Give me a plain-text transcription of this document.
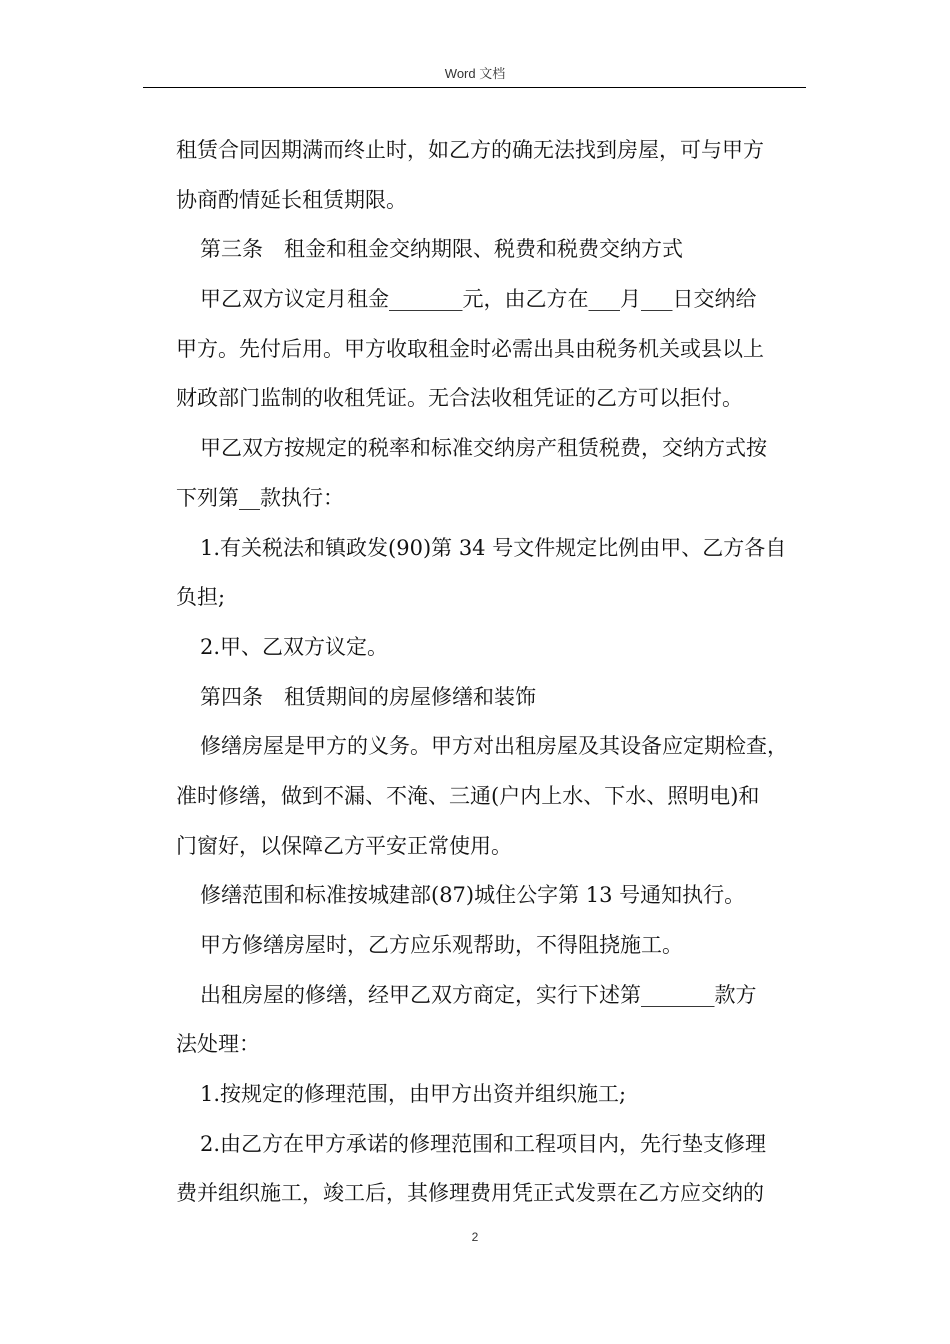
Word 文档
租赁合同因期满而终止时，如乙方的确无法找到房屋，可与甲方
协商酌情延长租赁期限。
第三条　租金和租金交纳期限、税费和税费交纳方式
甲乙双方议定月租金_______元，由乙方在___月___日交纳给
甲方。先付后用。甲方收取租金时必需出具由税务机关或县以上
财政部门监制的收租凭证。无合法收租凭证的乙方可以拒付。
甲乙双方按规定的税率和标准交纳房产租赁税费，交纳方式按
下列第__款执行：
1.有关税法和镇政发(90)第 34 号文件规定比例由甲、乙方各自
负担;
2.甲、乙双方议定。
第四条　租赁期间的房屋修缮和装饰
修缮房屋是甲方的义务。甲方对出租房屋及其设备应定期检查，
准时修缮，做到不漏、不淹、三通(户内上水、下水、照明电)和
门窗好，以保障乙方平安正常使用。
修缮范围和标准按城建部(87)城住公字第 13 号通知执行。
甲方修缮房屋时，乙方应乐观帮助，不得阻挠施工。
出租房屋的修缮，经甲乙双方商定，实行下述第_______款方
法处理：
1.按规定的修理范围，由甲方出资并组织施工;
2.由乙方在甲方承诺的修理范围和工程项目内，先行垫支修理
费并组织施工，竣工后，其修理费用凭正式发票在乙方应交纳的
2
